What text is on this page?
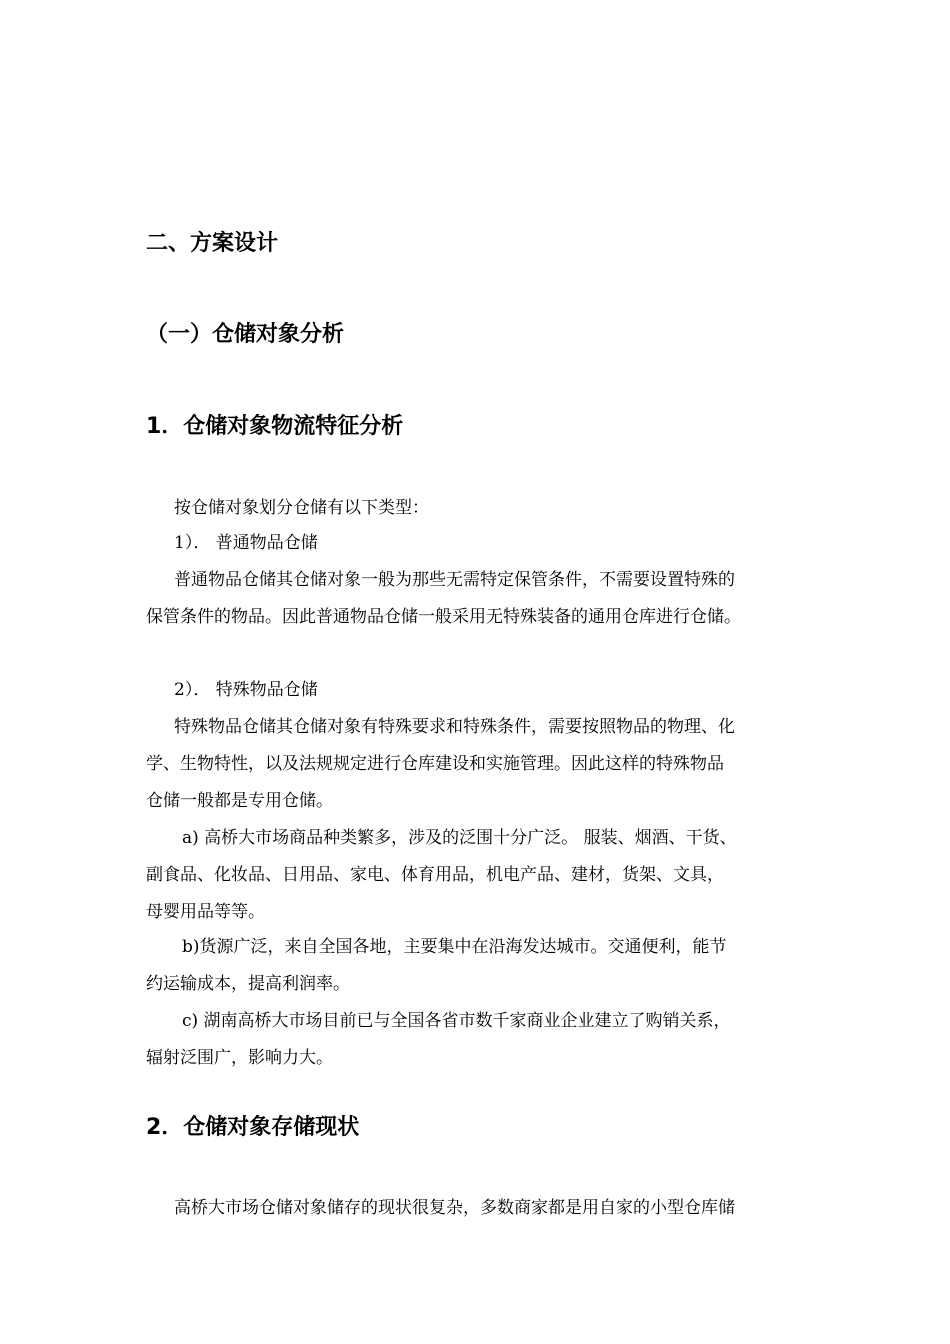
二、方案设计
（一）仓储对象分析
1．仓储对象物流特征分析
按仓储对象划分仓储有以下类型：
1）． 普通物品仓储
普通物品仓储其仓储对象一般为那些无需特定保管条件，不需要设置特殊的
保管条件的物品。因此普通物品仓储一般采用无特殊装备的通用仓库进行仓储。
2）． 特殊物品仓储
特殊物品仓储其仓储对象有特殊要求和特殊条件，需要按照物品的物理、化
学、生物特性，以及法规规定进行仓库建设和实施管理。因此这样的特殊物品
仓储一般都是专用仓储。
a) 高桥大市场商品种类繁多，涉及的泛围十分广泛。 服装、烟酒、干货、
副食品、化妆品、日用品、家电、体育用品，机电产品、建材，货架、文具，
母婴用品等等。
b)货源广泛，来自全国各地，主要集中在沿海发达城市。交通便利，能节
约运输成本，提高利润率。
c) 湖南高桥大市场目前已与全国各省市数千家商业企业建立了购销关系，
辐射泛围广，影响力大。
2．仓储对象存储现状
高桥大市场仓储对象储存的现状很复杂，多数商家都是用自家的小型仓库储
